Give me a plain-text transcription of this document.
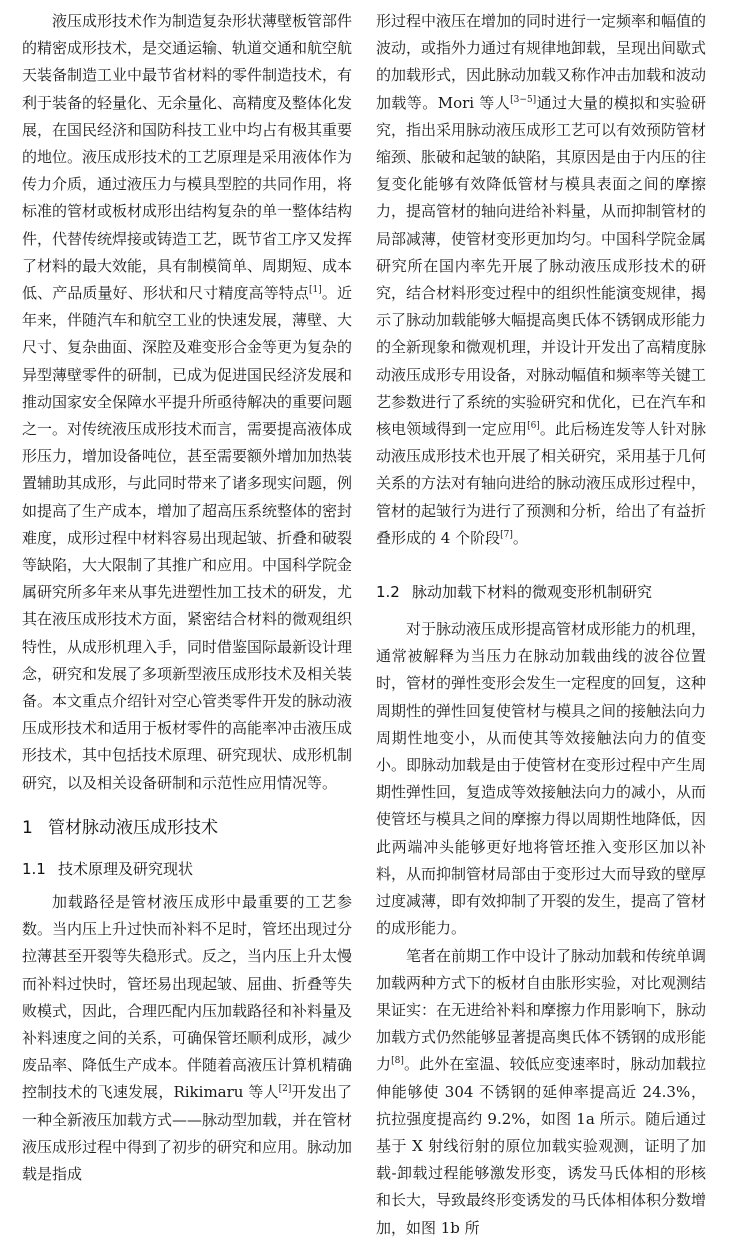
液压成形技术作为制造复杂形状薄壁板管部件的精密成形技术，是交通运输、轨道交通和航空航天装备制造工业中最节省材料的零件制造技术，有利于装备的轻量化、无余量化、高精度及整体化发展，在国民经济和国防科技工业中均占有极其重要的地位。液压成形技术的工艺原理是采用液体作为传力介质，通过液压力与模具型腔的共同作用，将标准的管材或板材成形出结构复杂的单一整体结构件，代替传统焊接或铸造工艺，既节省工序又发挥了材料的最大效能，具有制模简单、周期短、成本低、产品质量好、形状和尺寸精度高等特点[1]。近年来，伴随汽车和航空工业的快速发展，薄壁、大尺寸、复杂曲面、深腔及难变形合金等更为复杂的异型薄壁零件的研制，已成为促进国民经济发展和推动国家安全保障水平提升所亟待解决的重要问题之一。对传统液压成形技术而言，需要提高液体成形压力，增加设备吨位，甚至需要额外增加加热装置辅助其成形，与此同时带来了诸多现实问题，例如提高了生产成本，增加了超高压系统整体的密封难度，成形过程中材料容易出现起皱、折叠和破裂等缺陷，大大限制了其推广和应用。中国科学院金属研究所多年来从事先进塑性加工技术的研发，尤其在液压成形技术方面，紧密结合材料的微观组织特性，从成形机理入手，同时借鉴国际最新设计理念，研究和发展了多项新型液压成形技术及相关装备。本文重点介绍针对空心管类零件开发的脉动液压成形技术和适用于板材零件的高能率冲击液压成形技术，其中包括技术原理、研究现状、成形机制研究，以及相关设备研制和示范性应用情况等。

1 管材脉动液压成形技术
1.1 技术原理及研究现状

加载路径是管材液压成形中最重要的工艺参数。当内压上升过快而补料不足时，管坯出现过分拉薄甚至开裂等失稳形式。反之，当内压上升太慢而补料过快时，管坯易出现起皱、屈曲、折叠等失败模式，因此，合理匹配内压加载路径和补料量及补料速度之间的关系，可确保管坯顺利成形，减少废品率、降低生产成本。伴随着高液压计算机精确控制技术的飞速发展，Rikimaru 等人[2]开发出了一种全新液压加载方式——脉动型加载，并在管材液压成形过程中得到了初步的研究和应用。脉动加载是指成

形过程中液压在增加的同时进行一定频率和幅值的波动，或指外力通过有规律地卸载，呈现出间歇式的加载形式，因此脉动加载又称作冲击加载和波动加载等。Mori 等人[3−5]通过大量的模拟和实验研究，指出采用脉动液压成形工艺可以有效预防管材缩颈、胀破和起皱的缺陷，其原因是由于内压的往复变化能够有效降低管材与模具表面之间的摩擦力，提高管材的轴向进给补料量，从而抑制管材的局部减薄，使管材变形更加均匀。中国科学院金属研究所在国内率先开展了脉动液压成形技术的研究，结合材料形变过程中的组织性能演变规律，揭示了脉动加载能够大幅提高奥氏体不锈钢成形能力的全新现象和微观机理，并设计开发出了高精度脉动液压成形专用设备，对脉动幅值和频率等关键工艺参数进行了系统的实验研究和优化，已在汽车和核电领域得到一定应用[6]。此后杨连发等人针对脉动液压成形技术也开展了相关研究，采用基于几何关系的方法对有轴向进给的脉动液压成形过程中，管材的起皱行为进行了预测和分析，给出了有益折叠形成的 4 个阶段[7]。

1.2 脉动加载下材料的微观变形机制研究

对于脉动液压成形提高管材成形能力的机理，通常被解释为当压力在脉动加载曲线的波谷位置时，管材的弹性变形会发生一定程度的回复，这种周期性的弹性回复使管材与模具之间的接触法向力周期性地变小，从而使其等效接触法向力的值变小。即脉动加载是由于使管材在变形过程中产生周期性弹性回，复造成等效接触法向力的减小，从而使管坯与模具之间的摩擦力得以周期性地降低，因此两端冲头能够更好地将管坯推入变形区加以补料，从而抑制管材局部由于变形过大而导致的壁厚过度减薄，即有效抑制了开裂的发生，提高了管材的成形能力。

笔者在前期工作中设计了脉动加载和传统单调加载两种方式下的板材自由胀形实验，对比观测结果证实：在无进给补料和摩擦力作用影响下，脉动加载方式仍然能够显著提高奥氏体不锈钢的成形能力[8]。此外在室温、较低应变速率时，脉动加载拉伸能够使 304 不锈钢的延伸率提高近 24.3%，抗拉强度提高约 9.2%，如图 1a 所示。随后通过基于 X 射线衍射的原位加载实验观测，证明了加载-卸载过程能够激发形变，诱发马氏体相的形核和长大，导致最终形变诱发的马氏体相体积分数增加，如图 1b 所
